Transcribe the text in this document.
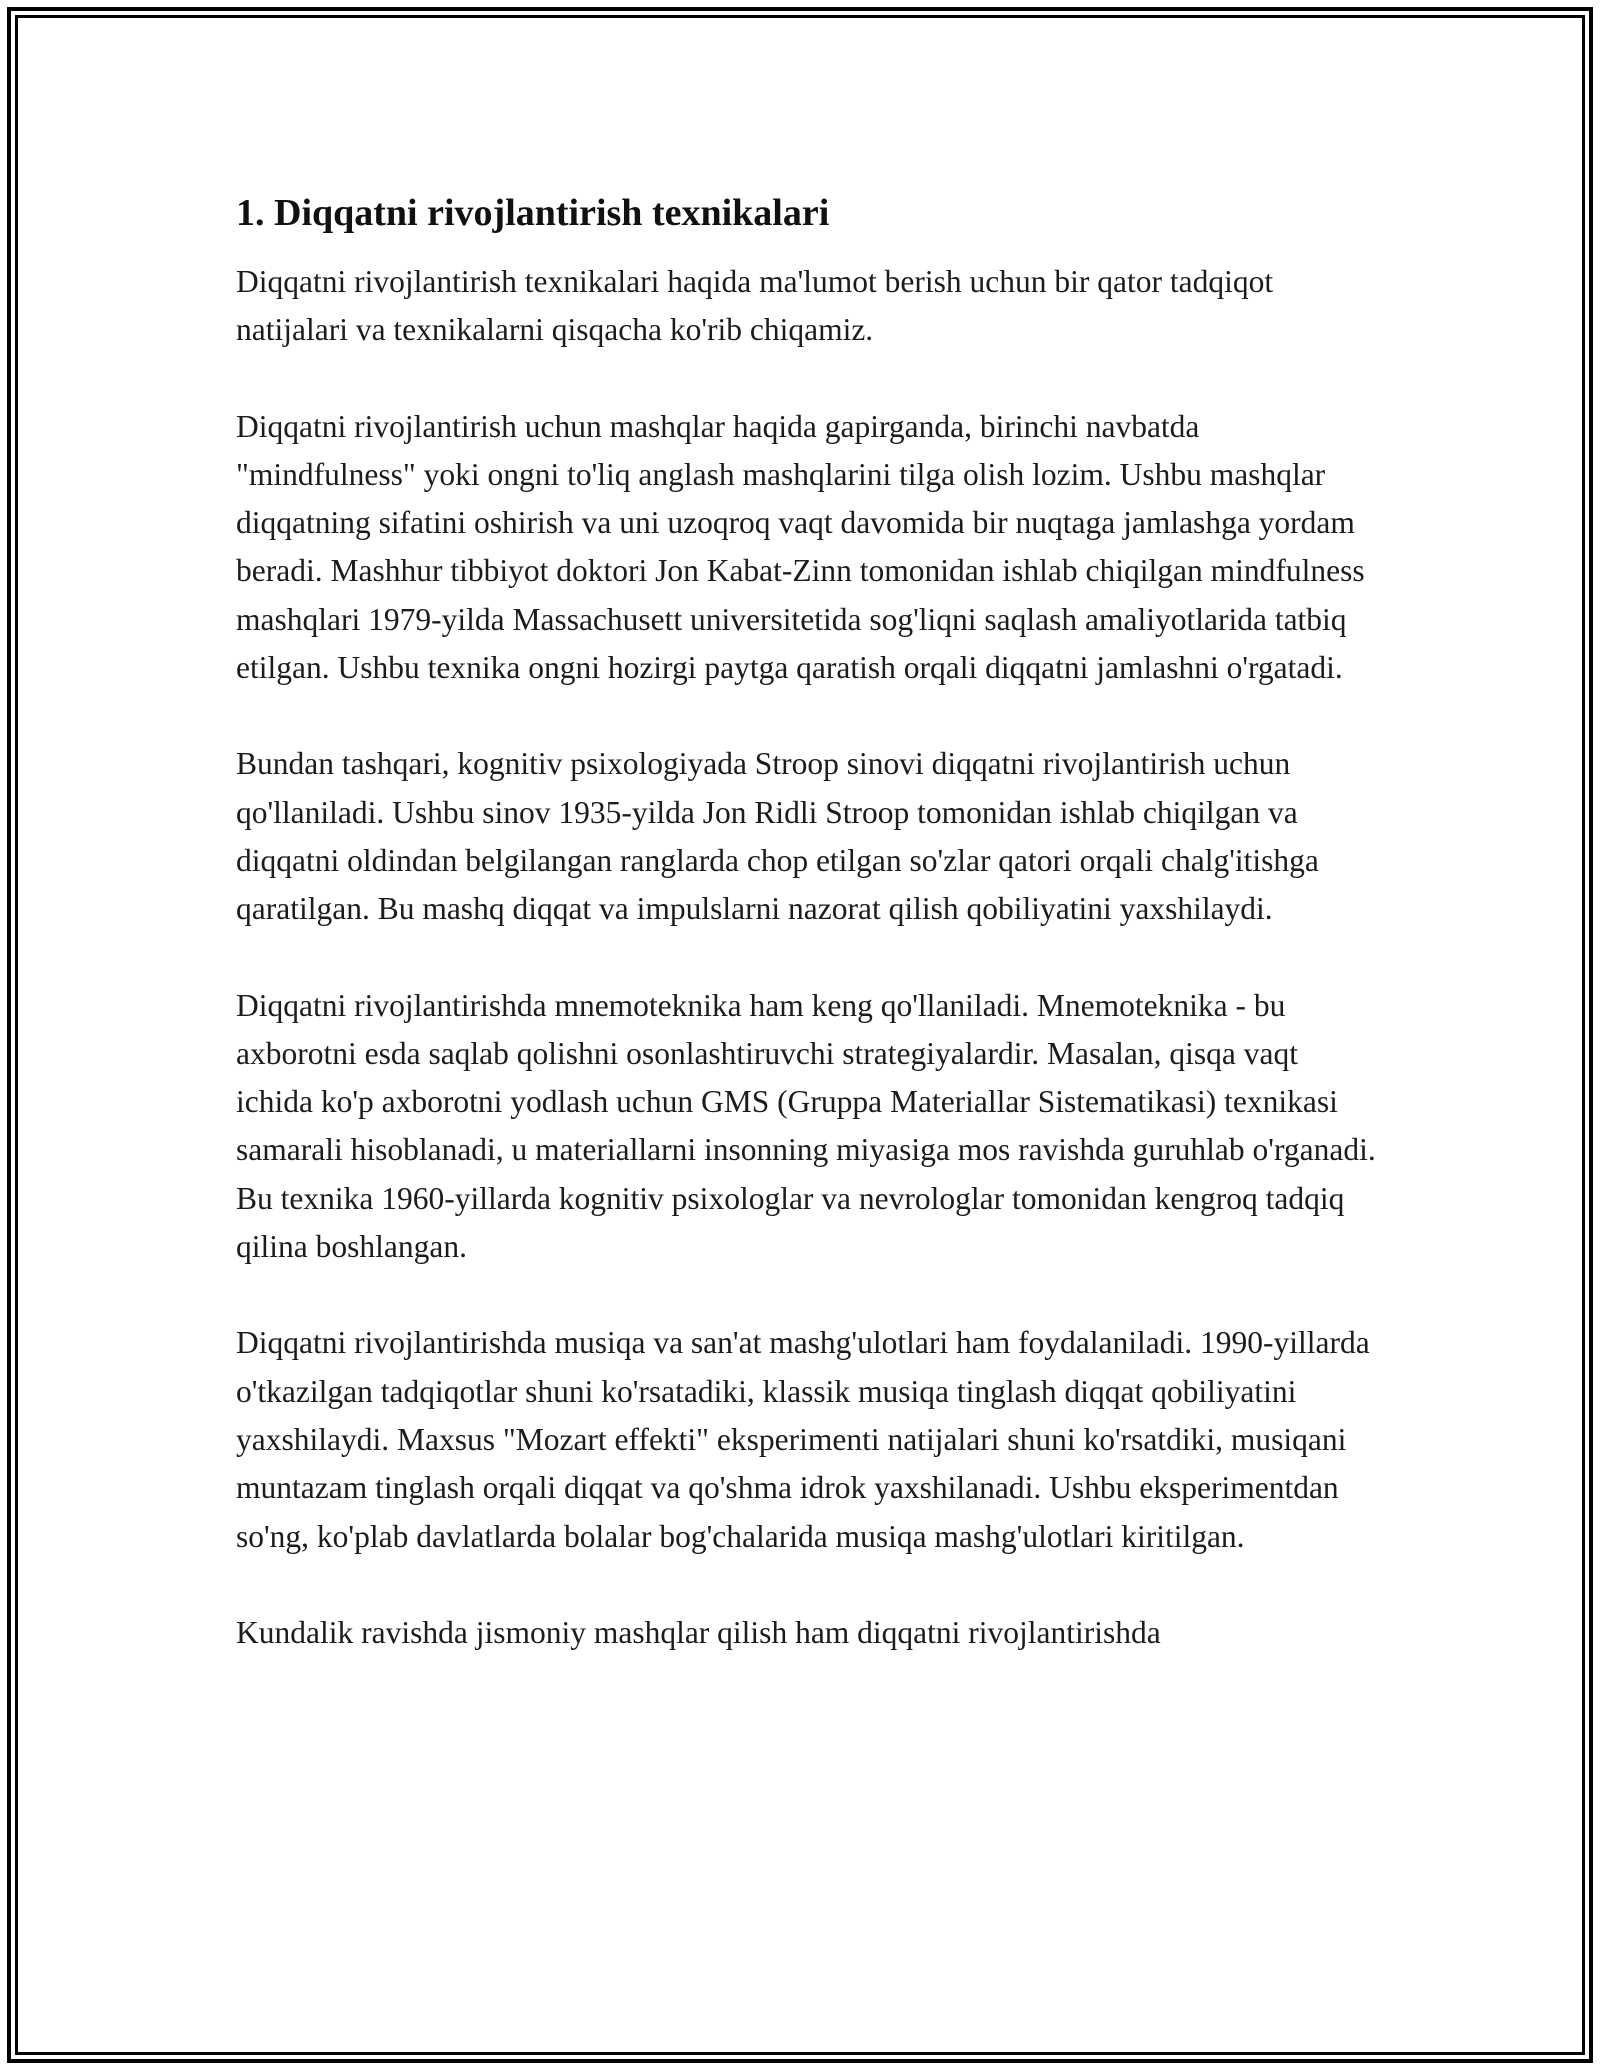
1. Diqqatni rivojlantirish texnikalari

Diqqatni rivojlantirish texnikalari haqida ma'lumot berish uchun bir qator tadqiqot natijalari va texnikalarni qisqacha ko'rib chiqamiz.

Diqqatni rivojlantirish uchun mashqlar haqida gapirganda, birinchi navbatda "mindfulness" yoki ongni to'liq anglash mashqlarini tilga olish lozim. Ushbu mashqlar diqqatning sifatini oshirish va uni uzoqroq vaqt davomida bir nuqtaga jamlashga yordam beradi. Mashhur tibbiyot doktori Jon Kabat-Zinn tomonidan ishlab chiqilgan mindfulness mashqlari 1979-yilda Massachusett universitetida sog'liqni saqlash amaliyotlarida tatbiq etilgan. Ushbu texnika ongni hozirgi paytga qaratish orqali diqqatni jamlashni o'rgatadi.

Bundan tashqari, kognitiv psixologiyada Stroop sinovi diqqatni rivojlantirish uchun qo'llaniladi. Ushbu sinov 1935-yilda Jon Ridli Stroop tomonidan ishlab chiqilgan va diqqatni oldindan belgilangan ranglarda chop etilgan so'zlar qatori orqali chalg'itishga qaratilgan. Bu mashq diqqat va impulslarni nazorat qilish qobiliyatini yaxshilaydi.

Diqqatni rivojlantirishda mnemoteknika ham keng qo'llaniladi. Mnemoteknika - bu axborotni esda saqlab qolishni osonlashtiruvchi strategiyalardir. Masalan, qisqa vaqt ichida ko'p axborotni yodlash uchun GMS (Gruppa Materiallar Sistematikasi) texnikasi samarali hisoblanadi, u materiallarni insonning miyasiga mos ravishda guruhlab o'rganadi. Bu texnika 1960-yillarda kognitiv psixologlar va nevrologlar tomonidan kengroq tadqiq qilina boshlangan.

Diqqatni rivojlantirishda musiqa va san'at mashg'ulotlari ham foydalaniladi. 1990-yillarda o'tkazilgan tadqiqotlar shuni ko'rsatadiki, klassik musiqa tinglash diqqat qobiliyatini yaxshilaydi. Maxsus "Mozart effekti" eksperimenti natijalari shuni ko'rsatdiki, musiqani muntazam tinglash orqali diqqat va qo'shma idrok yaxshilanadi. Ushbu eksperimentdan so'ng, ko'plab davlatlarda bolalar bog'chalarida musiqa mashg'ulotlari kiritilgan.

Kundalik ravishda jismoniy mashqlar qilish ham diqqatni rivojlantirishda
